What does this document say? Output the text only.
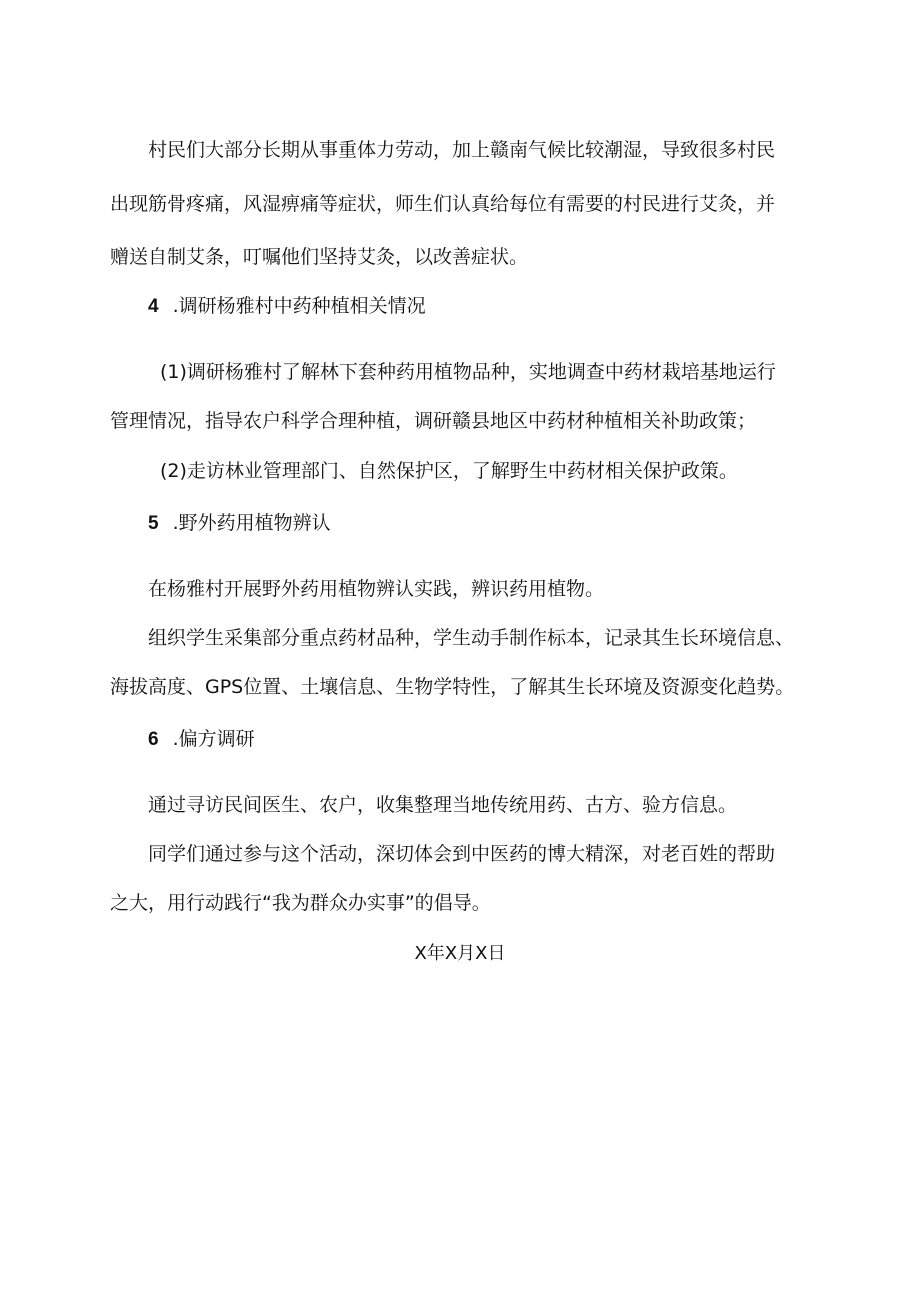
村民们大部分长期从事重体力劳动，加上赣南气候比较潮湿，导致很多村民

出现筋骨疼痛，风湿痹痛等症状，师生们认真给每位有需要的村民进行艾灸，并

赠送自制艾条，叮嘱他们坚持艾灸，以改善症状。

4 .调研杨雅村中药种植相关情况

(1)调研杨雅村了解林下套种药用植物品种，实地调查中药材栽培基地运行

管理情况，指导农户科学合理种植，调研赣县地区中药材种植相关补助政策；

(2)走访林业管理部门、自然保护区，了解野生中药材相关保护政策。

5 .野外药用植物辨认

在杨雅村开展野外药用植物辨认实践，辨识药用植物。

组织学生采集部分重点药材品种，学生动手制作标本，记录其生长环境信息、

海拔高度、GPS位置、土壤信息、生物学特性，了解其生长环境及资源变化趋势。

6 .偏方调研

通过寻访民间医生、农户，收集整理当地传统用药、古方、验方信息。

同学们通过参与这个活动，深切体会到中医药的博大精深，对老百姓的帮助

之大，用行动践行“我为群众办实事”的倡导。

X年X月X日
